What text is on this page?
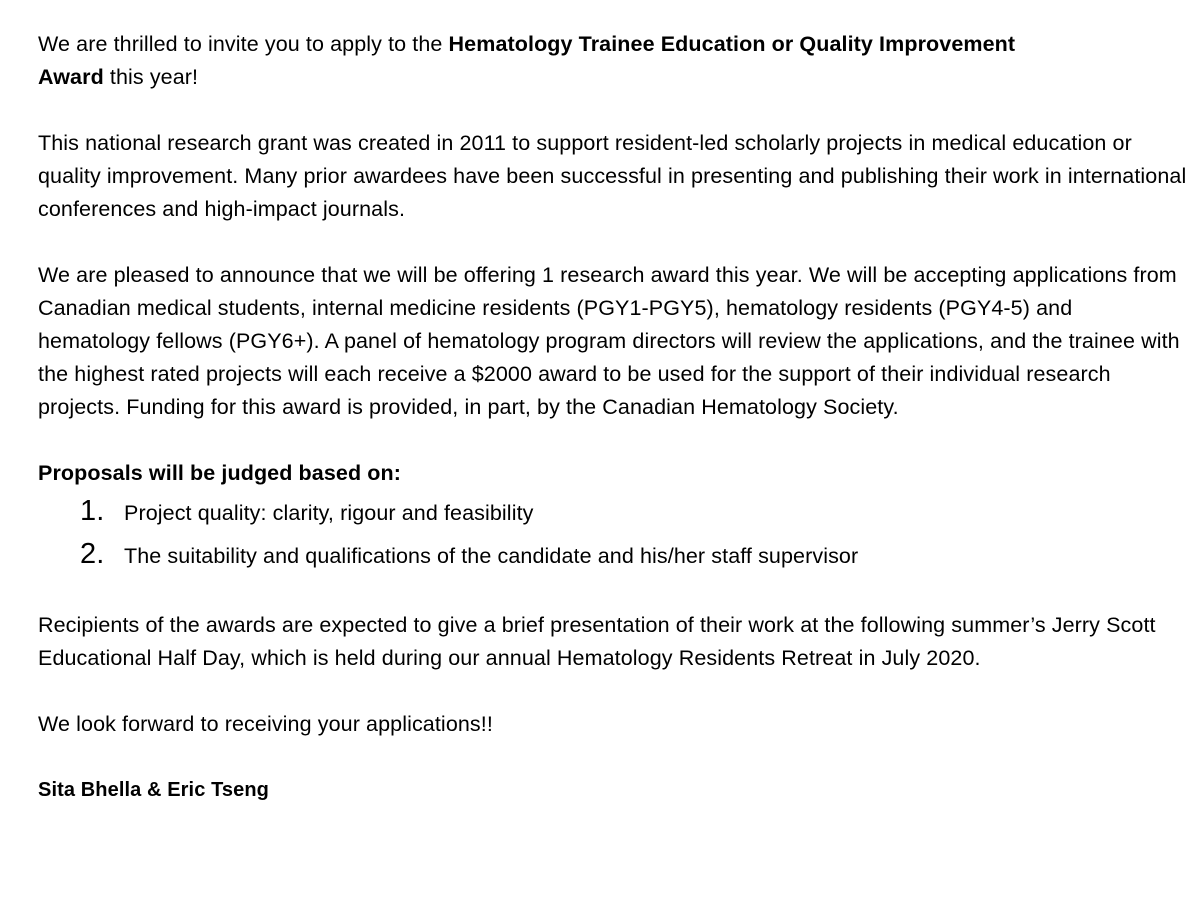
We are thrilled to invite you to apply to the Hematology Trainee Education or Quality Improvement
Award this year!

This national research grant was created in 2011 to support resident-led scholarly projects in medical education or quality improvement. Many prior awardees have been successful in presenting and publishing their work in international conferences and high-impact journals.

We are pleased to announce that we will be offering 1 research award this year. We will be accepting applications from Canadian medical students, internal medicine residents (PGY1-PGY5), hematology residents (PGY4-5) and hematology fellows (PGY6+). A panel of hematology program directors will review the applications, and the trainee with the highest rated projects will each receive a $2000 award to be used for the support of their individual research projects. Funding for this award is provided, in part, by the Canadian Hematology Society.

Proposals will be judged based on:

1. Project quality: clarity, rigour and feasibility
2. The suitability and qualifications of the candidate and his/her staff supervisor

Recipients of the awards are expected to give a brief presentation of their work at the following summer’s Jerry Scott Educational Half Day, which is held during our annual Hematology Residents Retreat in July 2020.

We look forward to receiving your applications!!

Sita Bhella & Eric Tseng
